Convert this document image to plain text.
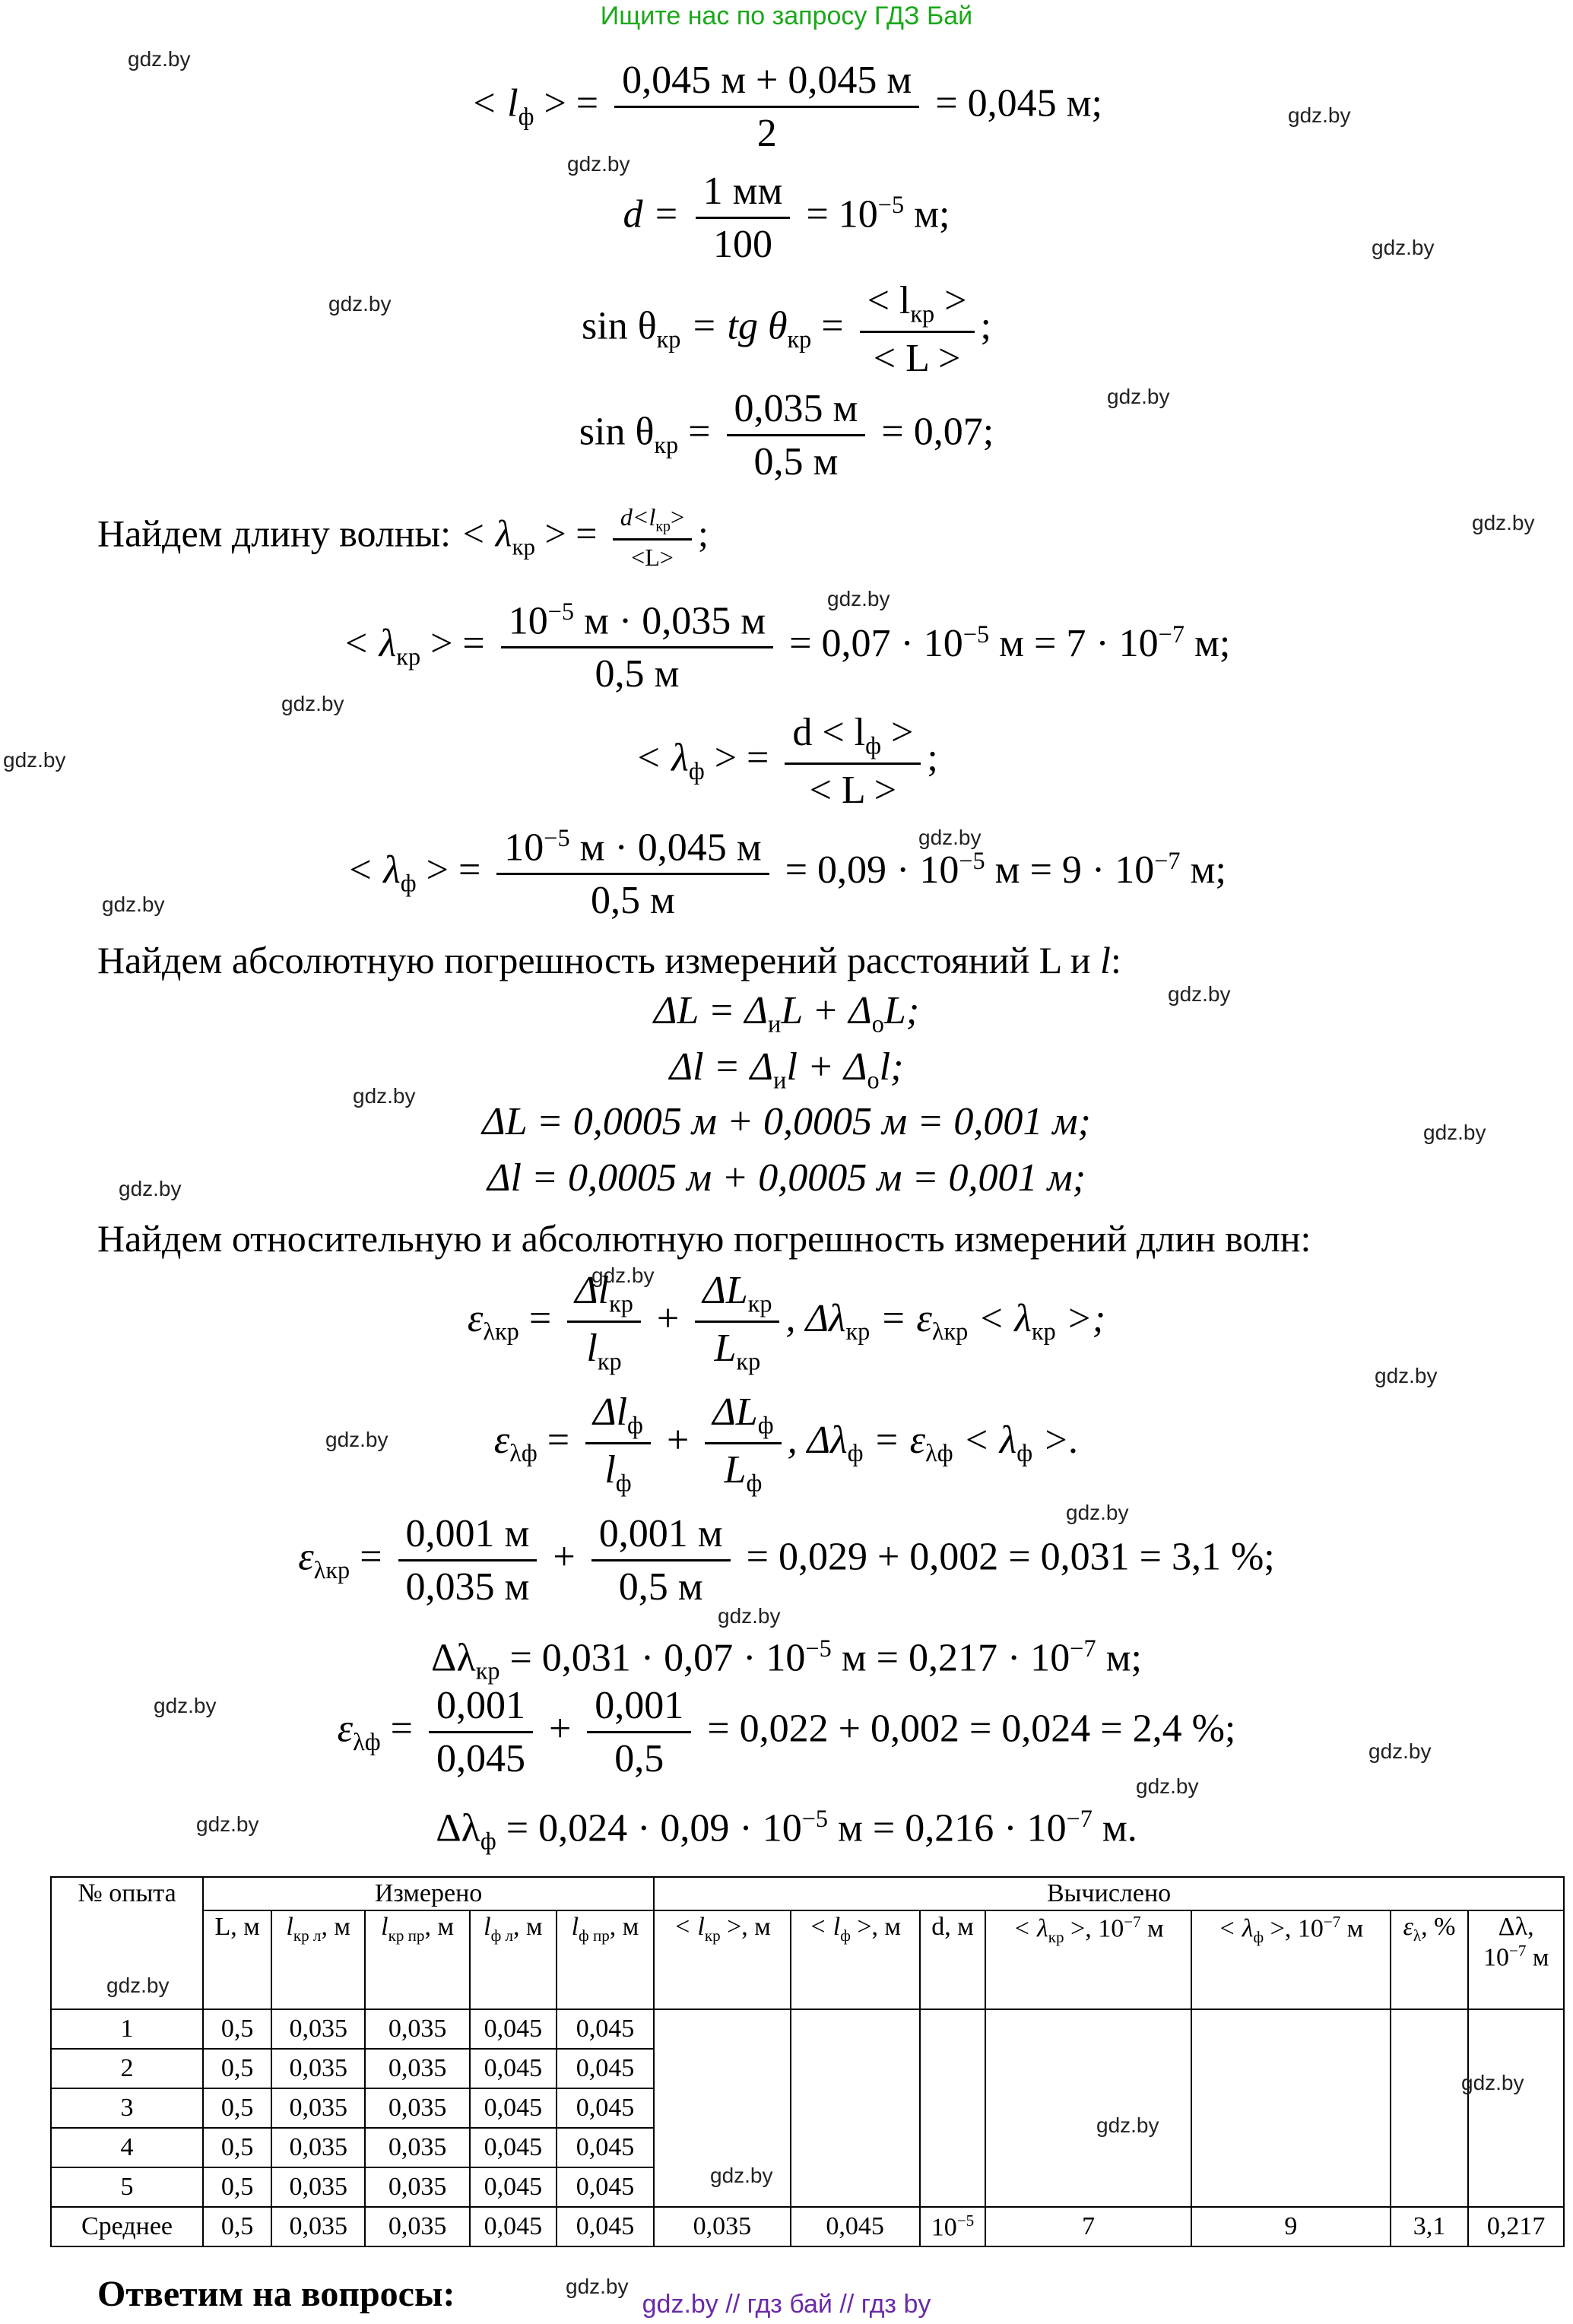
Ищите нас по запросу ГДЗ Бай
gdz.by
gdz.by
gdz.by
gdz.by
gdz.by
gdz.by
gdz.by
gdz.by
gdz.by
gdz.by
gdz.by
gdz.by
gdz.by
gdz.by
gdz.by
gdz.by
gdz.by
gdz.by
gdz.by
gdz.by
gdz.by
gdz.by
gdz.by
gdz.by
gdz.by
gdz.by
< $l_ф$ > = $\frac{0,045 м + 0,045 м}{2} = 0,045$ м;
$d = \frac{1 мм}{100} = 10^{-5}$ м;
$\sin \theta_{кр}$ = tg $\theta_{кр} = \frac{< l_{кр} >}{< L >}$ ;
$\sin \theta_{кр} = \frac{0,035 м}{0,5 м} = 0,07$;
Найдем длину волны: < $\lambda_{кр}$ > = $\frac{d<l_{кр}>}{<L>}$ ;
< $\lambda_{кр}$ > = $\frac{10^{-5} м \cdot 0,035 м}{0,5 м} = 0,07 \cdot 10^{-5}$ $м = 7 \cdot 10^{-7}$ м;
< $\lambda_ф$ > = $\frac{d < l_ф >}{< L >}$ ;
< $\lambda_ф$ > = $\frac{10^{-5} м \cdot 0,045 м}{0,5 м} = 0,09 \cdot 10^{-5}$ $м = 9 \cdot 10^{-7}$ м;
Найдем абсолютную погрешность измерений расстояний L и l:
$\Delta L = \Delta_иL + \Delta_oL$;
$\Delta l = \Delta_иl + \Delta_ol$;
ΔL = 0,0005 м + 0,0005 м = 0,001 м;
Δl = 0,0005 м + 0,0005 м = 0,001 м;
Найдем относительную и абсолютную погрешность измерений длин волн:
$\varepsilon_{\lambda кр} = \frac{\Delta l_{кр}}{l_{кр}} + \frac{\Delta L_{кр}}{L_{кр}}$ , $\Delta\lambda_{кр} = \varepsilon_{\lambda кр} < \lambda_{кр}$ >;
$\varepsilon_{\lambda ф} = \frac{\Delta l_ф}{l_ф} + \frac{\Delta L_ф}{L_ф}$ , $\Delta\lambda_ф = \varepsilon_{\lambda ф} < \lambda_ф$ >.
$\varepsilon_{\lambda кр} = \frac{0,001 м}{0,035 м} + \frac{0,001 м}{0,5 м} = 0,029 + 0,002 = 0,031 = 3,1$ %;
$\Delta\lambda_{кр} = 0,031 \cdot 0,07 \cdot 10^{-5}$ $м = 0,217 \cdot 10^{-7}$ м;
$\varepsilon_{\lambda ф} = \frac{0,001}{0,045} + \frac{0,001}{0,5} = 0,022 + 0,002 = 0,024 = 2,4$ %;
$\Delta\lambda_ф = 0,024 \cdot 0,09 \cdot 10^{-5}$ $м = 0,216 \cdot 10^{-7}$ м.
№ опыта	Измерено					Вычислено						
	L, м	$l_{кр л}$, м	$l_{кр пр}$, м	$l_{ф л}$, м	$l_{ф пр}$, м	< $l_{кр}$ >, м	< $l_ф$ >, м	d, м	< $\lambda_{кр}$ >, $10^{-7}$ м	< $\lambda_ф$ >, $10^{-7}$ м	$\varepsilon_\lambda$, %	Δλ,
$10^{-7}$ м
1	0,5	0,035	0,035	0,045	0,045							
2	0,5	0,035	0,035	0,045	0,045							
3	0,5	0,035	0,035	0,045	0,045							
4	0,5	0,035	0,035	0,045	0,045							
5	0,5	0,035	0,035	0,045	0,045							
Среднее	0,5	0,035	0,035	0,045	0,045	0,035	0,045	$10^{-5}$	7	9	3,1	0,217
gdz.by
gdz.by
gdz.by
gdz.by
Ответим на вопросы:	gdz.by // гдз бай // гдз by
